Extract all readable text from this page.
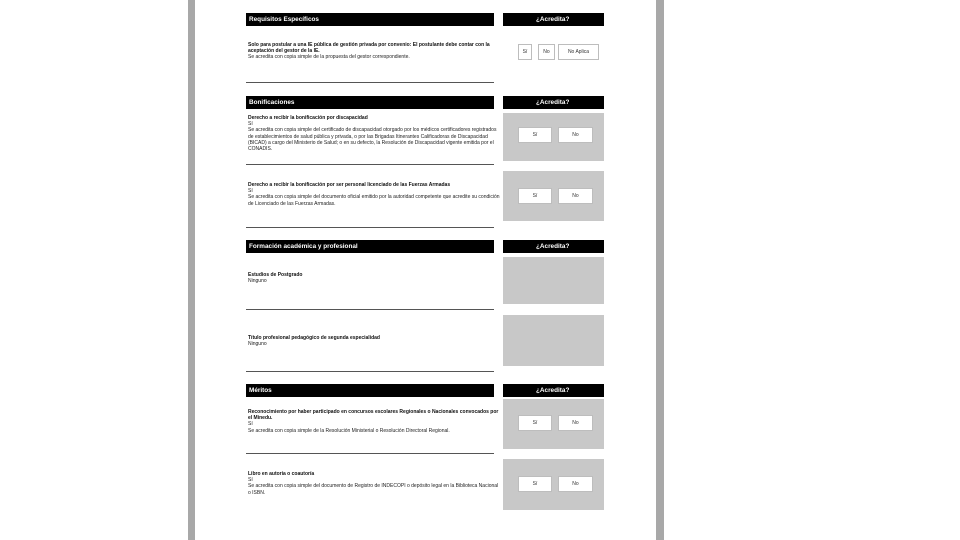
Requisitos Específicos	¿Acredita?
Solo para postular a una IE pública de gestión privada por convenio: El postulante debe contar con la aceptación del gestor de la IE.
Se acredita con copia simple de la propuesta del gestor correspondiente.
Sí	No	No Aplica
Bonificaciones	¿Acredita?
Derecho a recibir la bonificación por discapacidad
Sí
Se acredita con copia simple del certificado de discapacidad otorgado por los médicos certificadores registrados de establecimientos de salud pública y privada, o por las Brigadas Itinerantes Calificadoras de Discapacidad (BICAD) a cargo del Ministerio de Salud; o en su defecto, la Resolución de Discapacidad vigente emitida por el CONADIS.
Sí	No
Derecho a recibir la bonificación por ser personal licenciado de las Fuerzas Armadas
Sí
Se acredita con copia simple del documento oficial emitido por la autoridad competente que acredite su condición de Licenciado de las Fuerzas Armadas.
Sí	No
Formación académica y profesional	¿Acredita?
Estudios de Postgrado
Ninguno
Título profesional pedagógico de segunda especialidad
Ninguno
Méritos	¿Acredita?
Reconocimiento por haber participado en concursos escolares Regionales o Nacionales convocados por el Minedu.
Sí
Se acredita con copia simple de la Resolución Ministerial o Resolución Directoral Regional.
Sí	No
Libro en autoría o coautoría
Sí
Se acredita con copia simple del documento de Registro de INDECOPI o depósito legal en la Biblioteca Nacional o ISBN.
Sí	No
